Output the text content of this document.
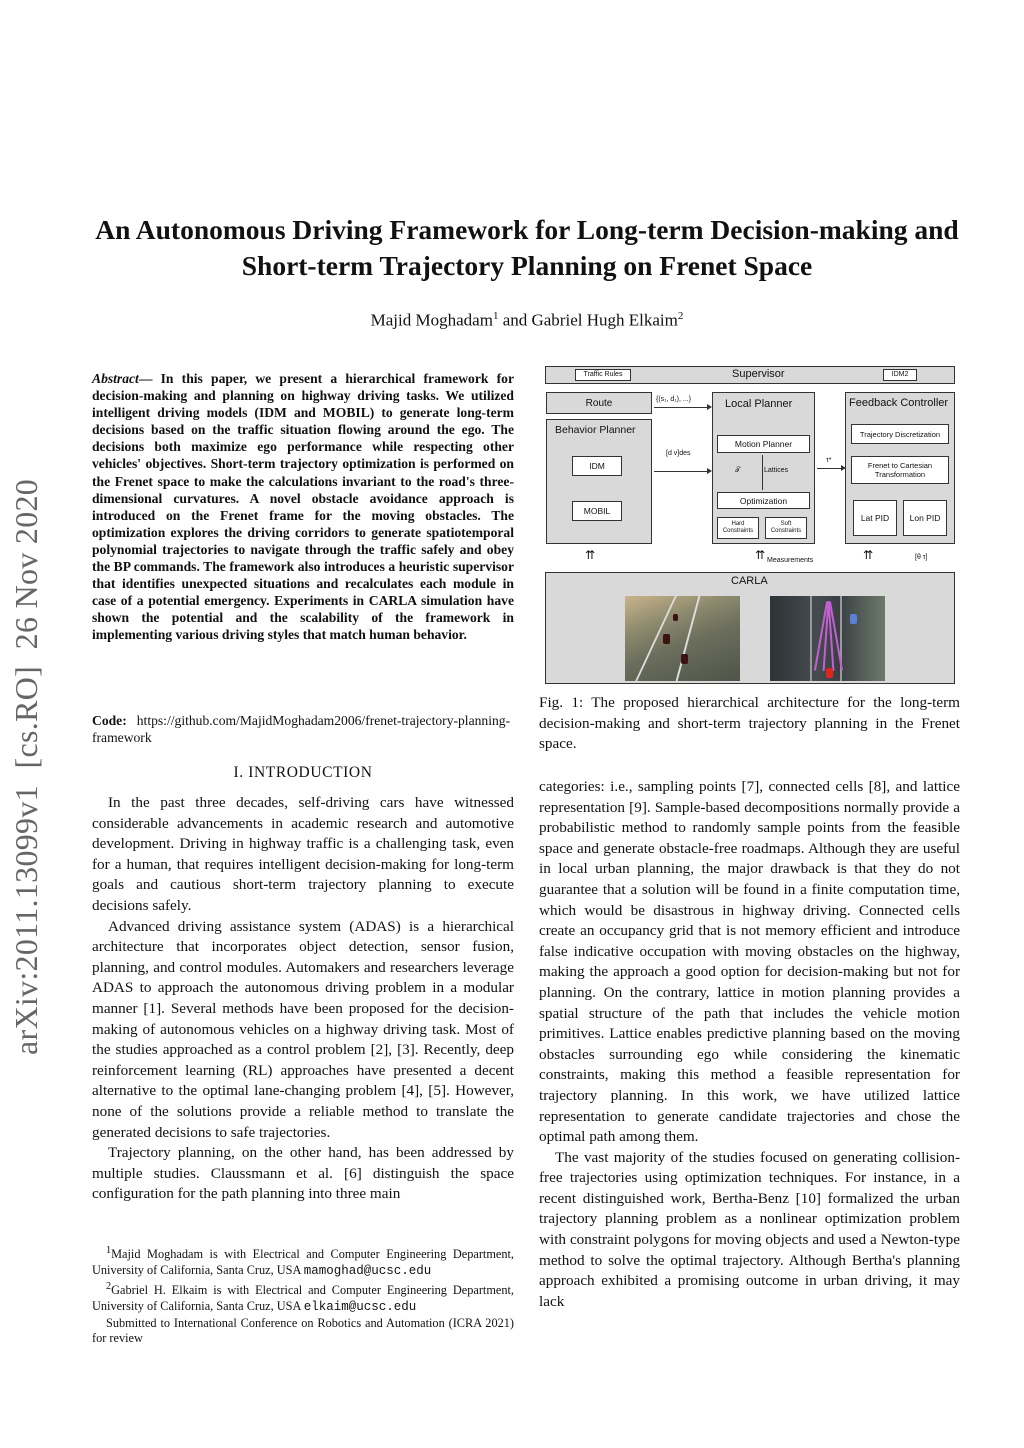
An Autonomous Driving Framework for Long-term Decision-making and Short-term Trajectory Planning on Frenet Space
Majid Moghadam$^1$ and Gabriel Hugh Elkaim$^2$
arXiv:2011.13099v1  [cs.RO]  26 Nov 2020
Abstract— In this paper, we present a hierarchical framework for decision-making and planning on highway driving tasks. We utilized intelligent driving models (IDM and MOBIL) to generate long-term decisions based on the traffic situation flowing around the ego. The decisions both maximize ego performance while respecting other vehicles' objectives. Short-term trajectory optimization is performed on the Frenet space to make the calculations invariant to the road's three-dimensional curvatures. A novel obstacle avoidance approach is introduced on the Frenet frame for the moving obstacles. The optimization explores the driving corridors to generate spatiotemporal polynomial trajectories to navigate through the traffic safely and obey the BP commands. The framework also introduces a heuristic supervisor that identifies unexpected situations and recalculates each module in case of a potential emergency. Experiments in CARLA simulation have shown the potential and the scalability of the framework in implementing various driving styles that match human behavior.
Code: https://github.com/MajidMoghadam2006/frenet-trajectory-planning-framework
I. INTRODUCTION

In the past three decades, self-driving cars have witnessed considerable advancements in academic research and automotive development. Driving in highway traffic is a challenging task, even for a human, that requires intelligent decision-making for long-term goals and cautious short-term trajectory planning to execute decisions safely.

Advanced driving assistance system (ADAS) is a hierarchical architecture that incorporates object detection, sensor fusion, planning, and control modules. Automakers and researchers leverage ADAS to approach the autonomous driving problem in a modular manner [1]. Several methods have been proposed for the decision-making of autonomous vehicles on a highway driving task. Most of the studies approached as a control problem [2], [3]. Recently, deep reinforcement learning (RL) approaches have presented a decent alternative to the optimal lane-changing problem [4], [5]. However, none of the solutions provide a reliable method to translate the generated decisions to safe trajectories.

Trajectory planning, on the other hand, has been addressed by multiple studies. Claussmann et al. [6] distinguish the space configuration for the path planning into three main

$^1$Majid Moghadam is with Electrical and Computer Engineering Department, University of California, Santa Cruz, USA mamoghad@ucsc.edu

$^2$Gabriel H. Elkaim is with Electrical and Computer Engineering Department, University of California, Santa Cruz, USA elkaim@ucsc.edu

Submitted to International Conference on Robotics and Automation (ICRA 2021) for review

Traffic Rules	Supervisor	IDM2
Route	{(s₁, d₁), ...}
Behavior Planner
IDM
MOBIL
[d v]des
Local Planner
Motion Planner
𝒯	Lattices
Optimization
Hard Constraints
Soft Constraints
τ*
Feedback Controller
Trajectory Discretization
Frenet to Cartesian Transformation
Lat PID Lon PID
⇈	⇈ Measurements	⇈	[θ τ]
CARLA
Fig. 1: The proposed hierarchical architecture for the long-term decision-making and short-term trajectory planning in the Frenet space.

categories: i.e., sampling points [7], connected cells [8], and lattice representation [9]. Sample-based decompositions normally provide a probabilistic method to randomly sample points from the feasible space and generate obstacle-free roadmaps. Although they are useful in local urban planning, the major drawback is that they do not guarantee that a solution will be found in a finite computation time, which would be disastrous in highway driving. Connected cells create an occupancy grid that is not memory efficient and introduce false indicative occupation with moving obstacles on the highway, making the approach a good option for decision-making but not for planning. On the contrary, lattice in motion planning provides a spatial structure of the path that includes the vehicle motion primitives. Lattice enables predictive planning based on the moving obstacles surrounding ego while considering the kinematic constraints, making this method a feasible representation for trajectory planning. In this work, we have utilized lattice representation to generate candidate trajectories and chose the optimal path among them.

The vast majority of the studies focused on generating collision-free trajectories using optimization techniques. For instance, in a recent distinguished work, Bertha-Benz [10] formalized the urban trajectory planning problem as a nonlinear optimization problem with constraint polygons for moving objects and used a Newton-type method to solve the optimal trajectory. Although Bertha's planning approach exhibited a promising outcome in urban driving, it may lack
